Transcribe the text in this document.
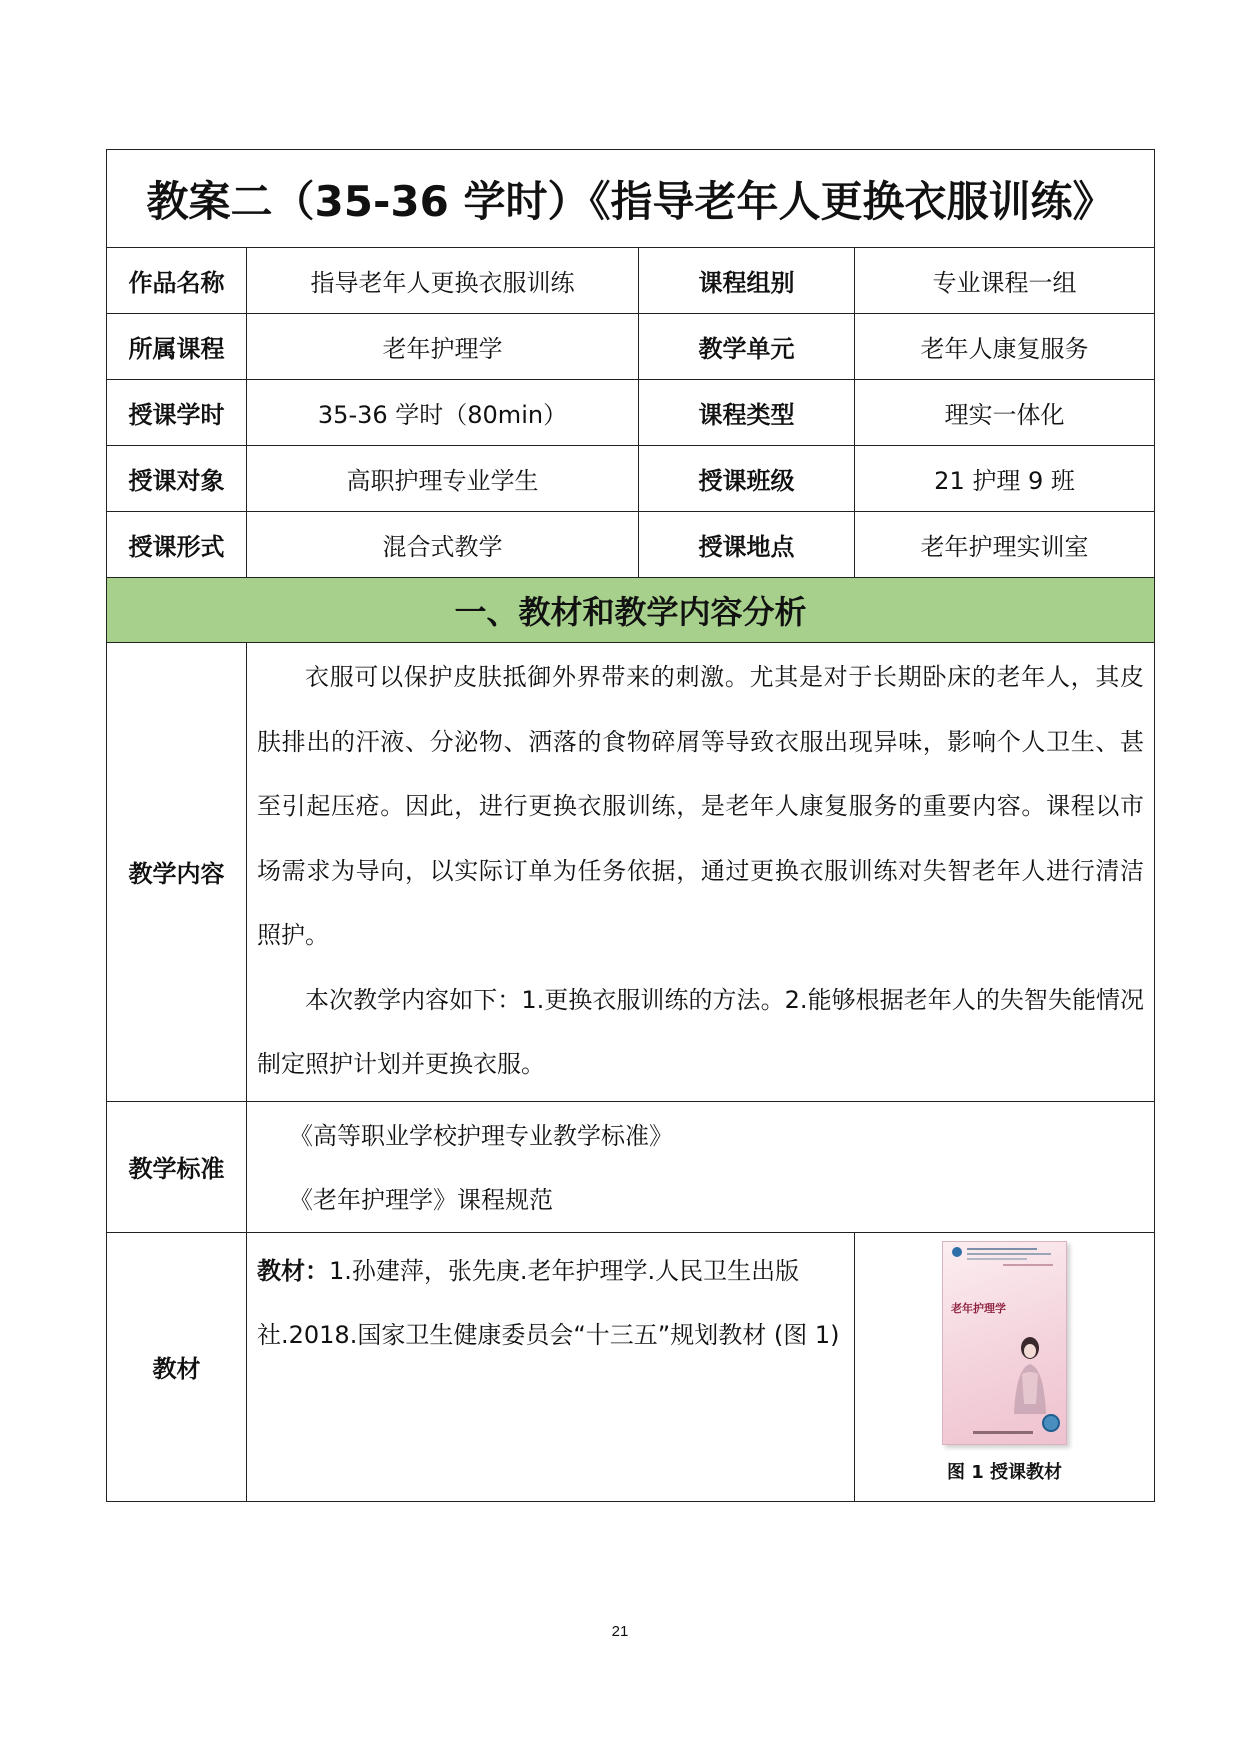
教案二（35-36 学时）《指导老年人更换衣服训练》			
作品名称	指导老年人更换衣服训练	课程组别	专业课程一组
所属课程	老年护理学	教学单元	老年人康复服务
授课学时	35-36 学时（80min）	课程类型	理实一体化
授课对象	高职护理专业学生	授课班级	21 护理 9 班
授课形式	混合式教学	授课地点	老年护理实训室
一、教材和教学内容分析			
教学内容	衣服可以保护皮肤抵御外界带来的刺激。尤其是对于长期卧床的老年人，其皮肤排出的汗液、分泌物、洒落的食物碎屑等导致衣服出现异味，影响个人卫生、甚至引起压疮。因此，进行更换衣服训练，是老年人康复服务的重要内容。课程以市场需求为导向，以实际订单为任务依据，通过更换衣服训练对失智老年人进行清洁照护。

本次教学内容如下：1.更换衣服训练的方法。2.能够根据老年人的失智失能情况制定照护计划并更换衣服。		

教学标准	《高等职业学校护理专业教学标准》

《老年护理学》课程规范		

教材	教材：1.孙建萍，张先庚.老年护理学.人民卫生出版社.2018.国家卫生健康委员会“十三五”规划教材 (图 1)		老年护理学
图 1 授课教材
21
